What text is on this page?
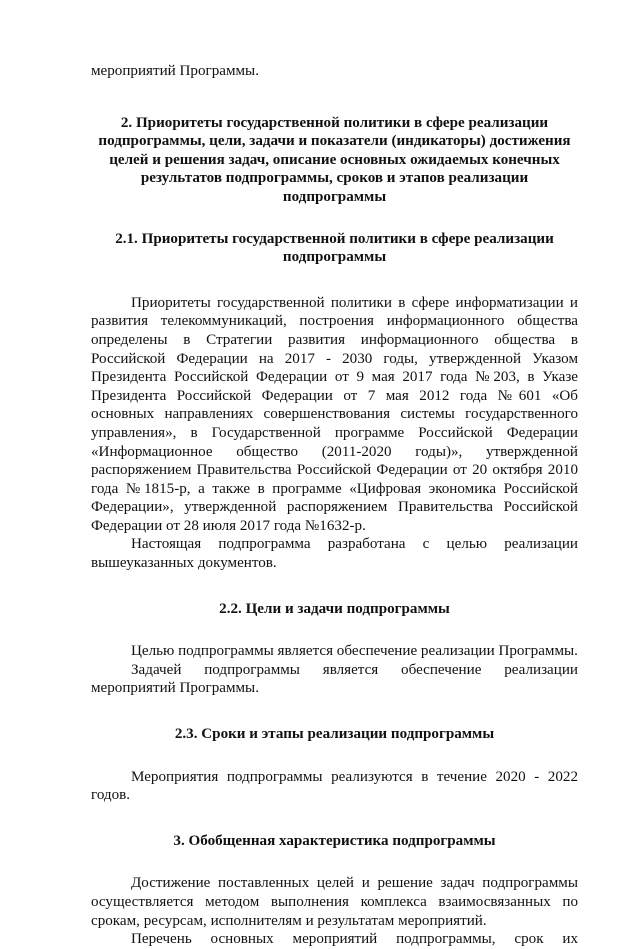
мероприятий Программы.

2. Приоритеты государственной политики в сфере реализации подпрограммы, цели, задачи и показатели (индикаторы) достижения целей и решения задач, описание основных ожидаемых конечных результатов подпрограммы, сроков и этапов реализации подпрограммы

2.1. Приоритеты государственной политики в сфере реализации подпрограммы

Приоритеты государственной политики в сфере информатизации и развития телекоммуникаций, построения информационного общества определены в Стратегии развития информационного общества в Российской Федерации на 2017 - 2030 годы, утвержденной Указом Президента Российской Федерации от 9 мая 2017 года №203, в Указе Президента Российской Федерации от 7 мая 2012 года №601 «Об основных направлениях совершенствования системы государственного управления», в Государственной программе Российской Федерации «Информационное общество (2011-2020 годы)», утвержденной распоряжением Правительства Российской Федерации от 20 октября 2010 года №1815-р, а также в программе «Цифровая экономика Российской Федерации», утвержденной распоряжением Правительства Российской Федерации от 28 июля 2017 года №1632-р.

Настоящая подпрограмма разработана с целью реализации вышеуказанных документов.

2.2. Цели и задачи подпрограммы

Целью подпрограммы является обеспечение реализации Программы.

Задачей подпрограммы является обеспечение реализации мероприятий Программы.

2.3. Сроки и этапы реализации подпрограммы

Мероприятия подпрограммы реализуются в течение 2020 - 2022 годов.

3. Обобщенная характеристика подпрограммы

Достижение поставленных целей и решение задач подпрограммы осуществляется методом выполнения комплекса взаимосвязанных по срокам, ресурсам, исполнителям и результатам мероприятий.

Перечень основных мероприятий подпрограммы, срок их
